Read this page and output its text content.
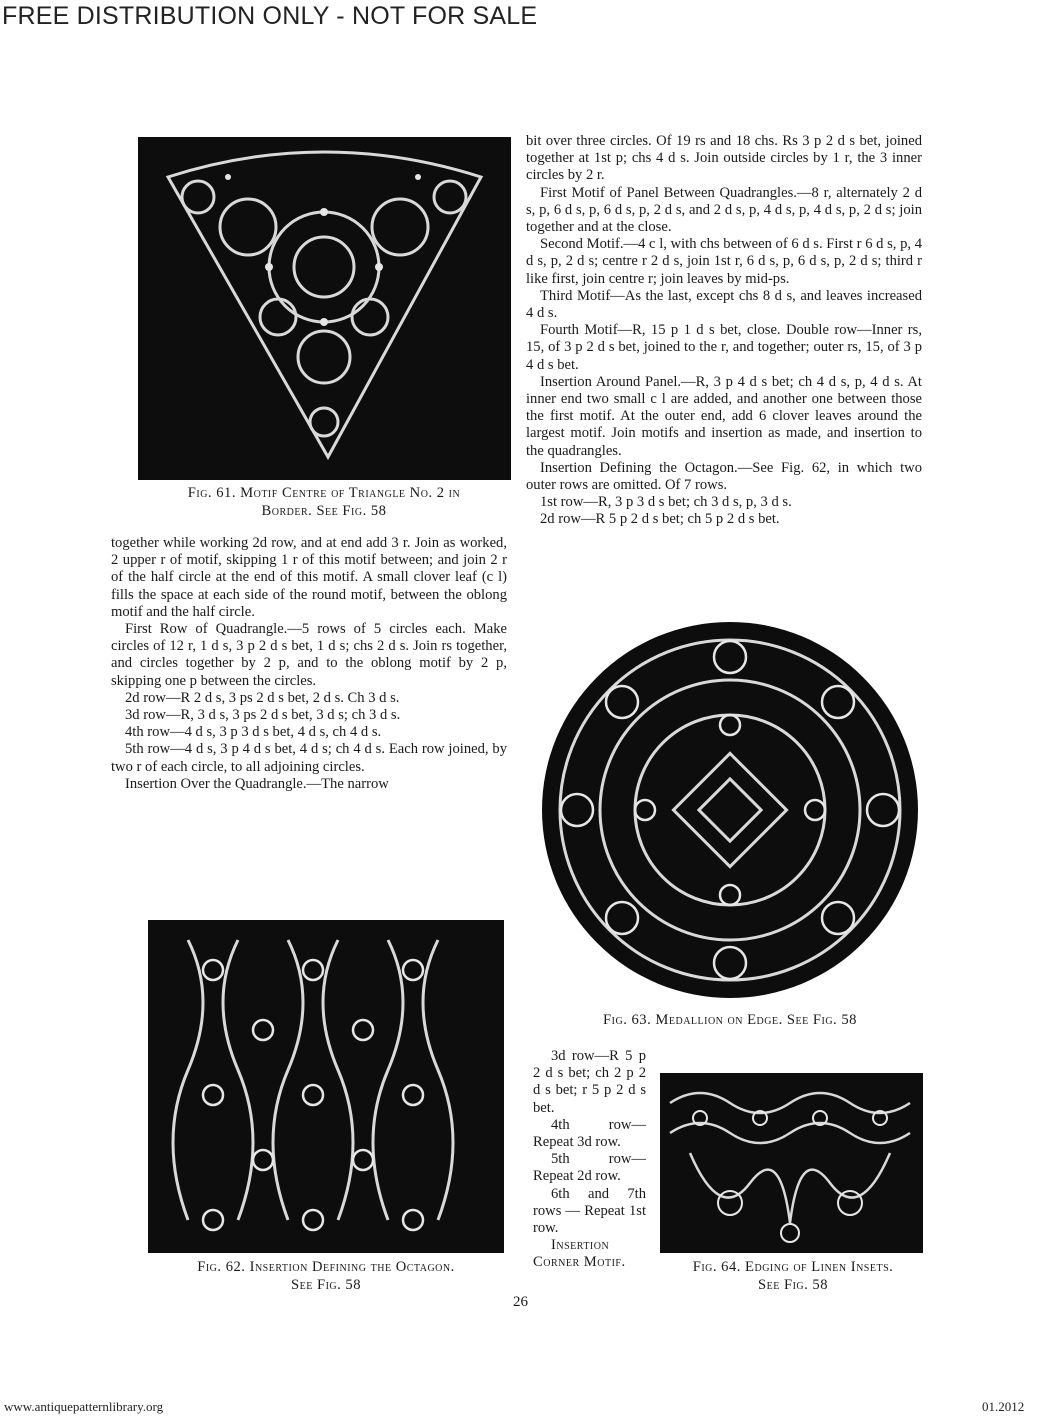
FREE DISTRIBUTION ONLY - NOT FOR SALE
Fig. 61. Motif Centre of Triangle No. 2 in
Border. See Fig. 58

together while working 2d row, and at end add 3 r. Join as worked, 2 upper r of motif, skipping 1 r of this motif between; and join 2 r of the half circle at the end of this motif. A small clover leaf (c l) fills the space at each side of the round motif, between the oblong motif and the half circle.

First Row of Quadrangle.—5 rows of 5 circles each. Make circles of 12 r, 1 d s, 3 p 2 d s bet, 1 d s; chs 2 d s. Join rs together, and circles together by 2 p, and to the oblong motif by 2 p, skipping one p between the circles.

2d row—R 2 d s, 3 ps 2 d s bet, 2 d s. Ch 3 d s.

3d row—R, 3 d s, 3 ps 2 d s bet, 3 d s; ch 3 d s.

4th row—4 d s, 3 p 3 d s bet, 4 d s, ch 4 d s.

5th row—4 d s, 3 p 4 d s bet, 4 d s; ch 4 d s. Each row joined, by two r of each circle, to all adjoining circles.

Insertion Over the Quadrangle.—The narrow

Fig. 62. Insertion Defining the Octagon.
See Fig. 58

bit over three circles. Of 19 rs and 18 chs. Rs 3 p 2 d s bet, joined together at 1st p; chs 4 d s. Join outside circles by 1 r, the 3 inner circles by 2 r.

First Motif of Panel Between Quadrangles.—8 r, alternately 2 d s, p, 6 d s, p, 6 d s, p, 2 d s, and 2 d s, p, 4 d s, p, 4 d s, p, 2 d s; join together and at the close.

Second Motif.—4 c l, with chs between of 6 d s. First r 6 d s, p, 4 d s, p, 2 d s; centre r 2 d s, join 1st r, 6 d s, p, 6 d s, p, 2 d s; third r like first, join centre r; join leaves by mid-ps.

Third Motif—As the last, except chs 8 d s, and leaves increased 4 d s.

Fourth Motif—R, 15 p 1 d s bet, close. Double row—Inner rs, 15, of 3 p 2 d s bet, joined to the r, and together; outer rs, 15, of 3 p 4 d s bet.

Insertion Around Panel.—R, 3 p 4 d s bet; ch 4 d s, p, 4 d s. At inner end two small c l are added, and another one between those the first motif. At the outer end, add 6 clover leaves around the largest motif. Join motifs and insertion as made, and insertion to the quadrangles.

Insertion Defining the Octagon.—See Fig. 62, in which two outer rows are omitted. Of 7 rows.

1st row—R, 3 p 3 d s bet; ch 3 d s, p, 3 d s.

2d row—R 5 p 2 d s bet; ch 5 p 2 d s bet.

Fig. 63. Medallion on Edge. See Fig. 58

3d row—R 5 p 2 d s bet; ch 2 p 2 d s bet; r 5 p 2 d s bet.

4th row—Repeat 3d row.

5th row—Repeat 2d row.

6th and 7th rows — Repeat 1st row.

Insertion Corner Motif.	Fig. 64. Edging of Linen Insets.
See Fig. 58
26
www.antiquepatternlibrary.org	01.2012
